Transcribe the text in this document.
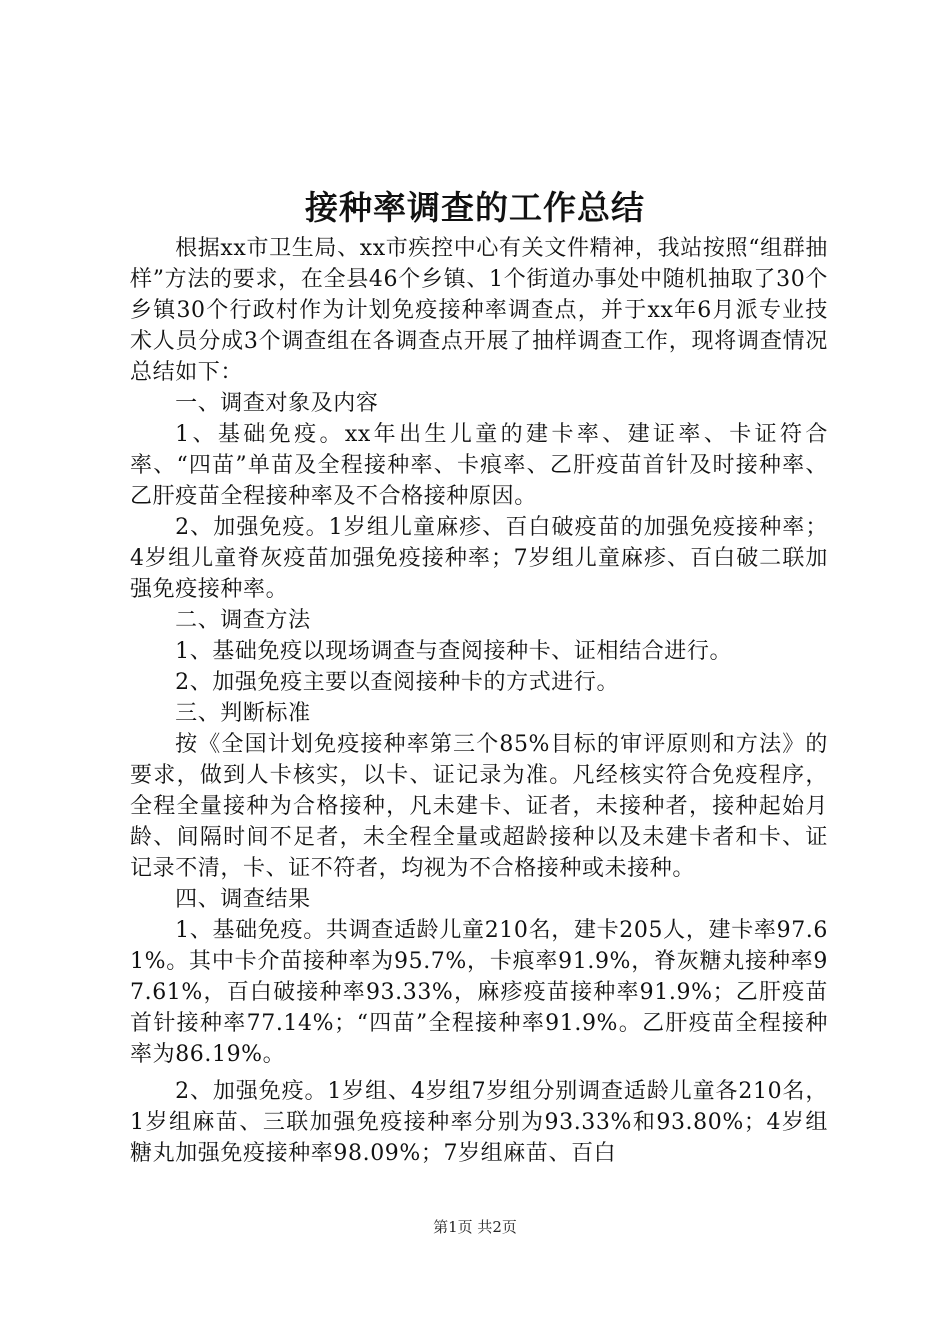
接种率调查的工作总结

根据xx市卫生局、xx市疾控中心有关文件精神，我站按照“组群抽样”方法的要求，在全县46个乡镇、1个街道办事处中随机抽取了30个乡镇30个行政村作为计划免疫接种率调查点，并于xx年6月派专业技术人员分成3个调查组在各调查点开展了抽样调查工作，现将调查情况总结如下：

一、调查对象及内容

1、基础免疫。xx年出生儿童的建卡率、建证率、卡证符合率、“四苗”单苗及全程接种率、卡痕率、乙肝疫苗首针及时接种率、乙肝疫苗全程接种率及不合格接种原因。

2、加强免疫。1岁组儿童麻疹、百白破疫苗的加强免疫接种率；4岁组儿童脊灰疫苗加强免疫接种率；7岁组儿童麻疹、百白破二联加强免疫接种率。

二、调查方法

1、基础免疫以现场调查与查阅接种卡、证相结合进行。

2、加强免疫主要以查阅接种卡的方式进行。

三、判断标准

按《全国计划免疫接种率第三个85%目标的审评原则和方法》的要求，做到人卡核实，以卡、证记录为准。凡经核实符合免疫程序，全程全量接种为合格接种，凡未建卡、证者，未接种者，接种起始月龄、间隔时间不足者，未全程全量或超龄接种以及未建卡者和卡、证记录不清，卡、证不符者，均视为不合格接种或未接种。

四、调查结果

1、基础免疫。共调查适龄儿童210名，建卡205人，建卡率97.61%。其中卡介苗接种率为95.7%，卡痕率91.9%，脊灰糖丸接种率97.61%，百白破接种率93.33%，麻疹疫苗接种率91.9%；乙肝疫苗首针接种率77.14%；“四苗”全程接种率91.9%。乙肝疫苗全程接种率为86.19%。

2、加强免疫。1岁组、4岁组7岁组分别调查适龄儿童各210名，1岁组麻苗、三联加强免疫接种率分别为93.33%和93.80%；4岁组糖丸加强免疫接种率98.09%；7岁组麻苗、百白

第1页 共2页
